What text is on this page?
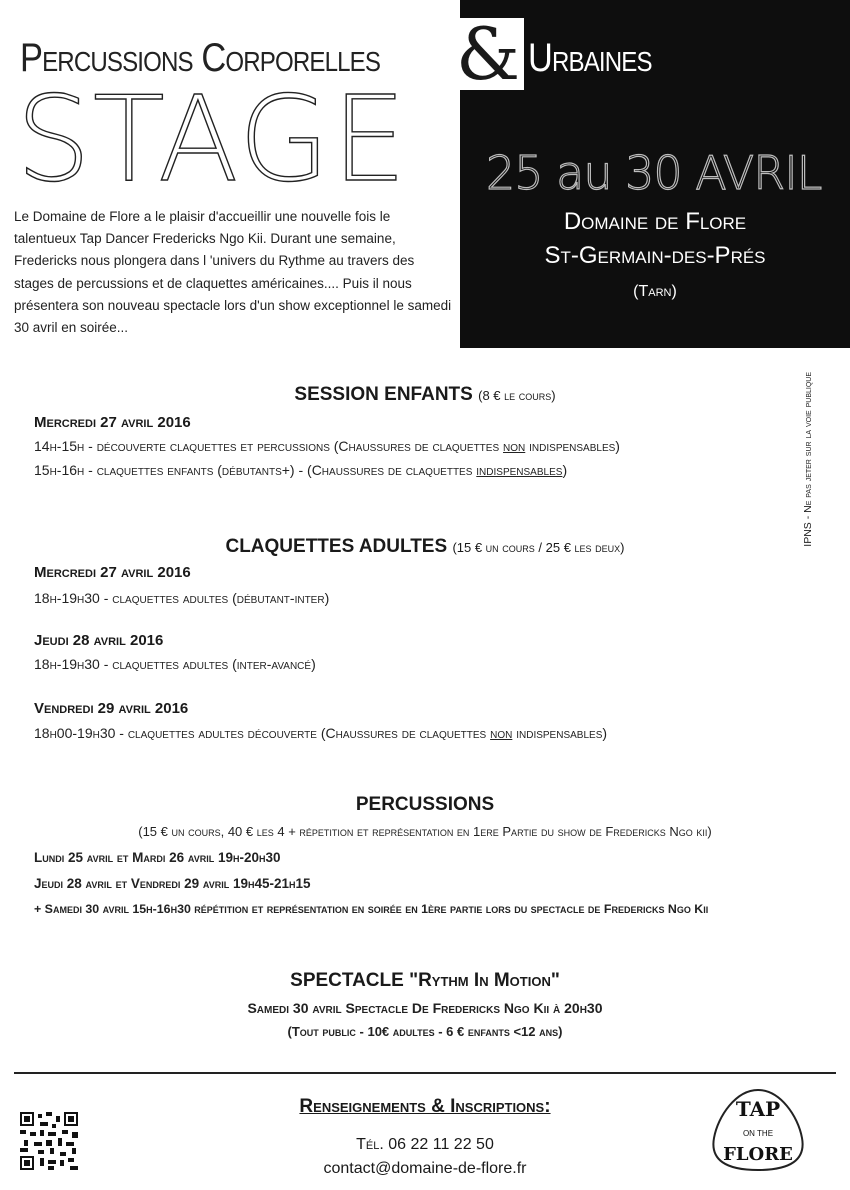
Percussions Corporelles & Urbaines
STAGE 25 au 30 AVRIL
Domaine de Flore
St-Germain-des-Prés
(Tarn)
Le Domaine de Flore a le plaisir d'accueillir une nouvelle fois le talentueux Tap Dancer Fredericks Ngo Kii. Durant une semaine, Fredericks nous plongera dans l 'univers du Rythme au travers des stages de percussions et de claquettes américaines.... Puis il nous présentera son nouveau spectacle lors d'un show exceptionnel le samedi 30 avril en soirée...
IPNS - Ne pas jeter sur la voie publique
SESSION ENFANTS (8 € le cours)
Mercredi 27 avril 2016
14h-15h - découverte claquettes et percussions (Chaussures de claquettes non indispensables)
15h-16h - claquettes enfants (débutants+) - (Chaussures de claquettes indispensables)
CLAQUETTES ADULTES (15 € un cours / 25 € les deux)
Mercredi 27 avril 2016
18h-19h30 - claquettes adultes (débutant-inter)
Jeudi 28 avril 2016
18h-19h30 - claquettes adultes (inter-avancé)
Vendredi 29 avril 2016
18h00-19h30 - claquettes adultes découverte (Chaussures de claquettes non indispensables)
PERCUSSIONS
(15 € un cours, 40 € les 4 + répetition et représentation en 1ere Partie du show de Fredericks Ngo kii)
Lundi 25 avril et Mardi 26 avril 19h-20h30
Jeudi 28 avril et Vendredi 29 avril 19h45-21h15
+ Samedi 30 avril 15h-16h30 répétition et représentation en soirée en 1ère partie lors du spectacle de Fredericks Ngo Kii
SPECTACLE "Rythm In Motion"
Samedi 30 avril Spectacle De Fredericks Ngo Kii à 20h30
(Tout public - 10€ adultes - 6 € enfants <12 ans)
Renseignements & Inscriptions:
Tél. 06 22 11 22 50
contact@domaine-de-flore.fr
TAP
ON THE
FLORE
